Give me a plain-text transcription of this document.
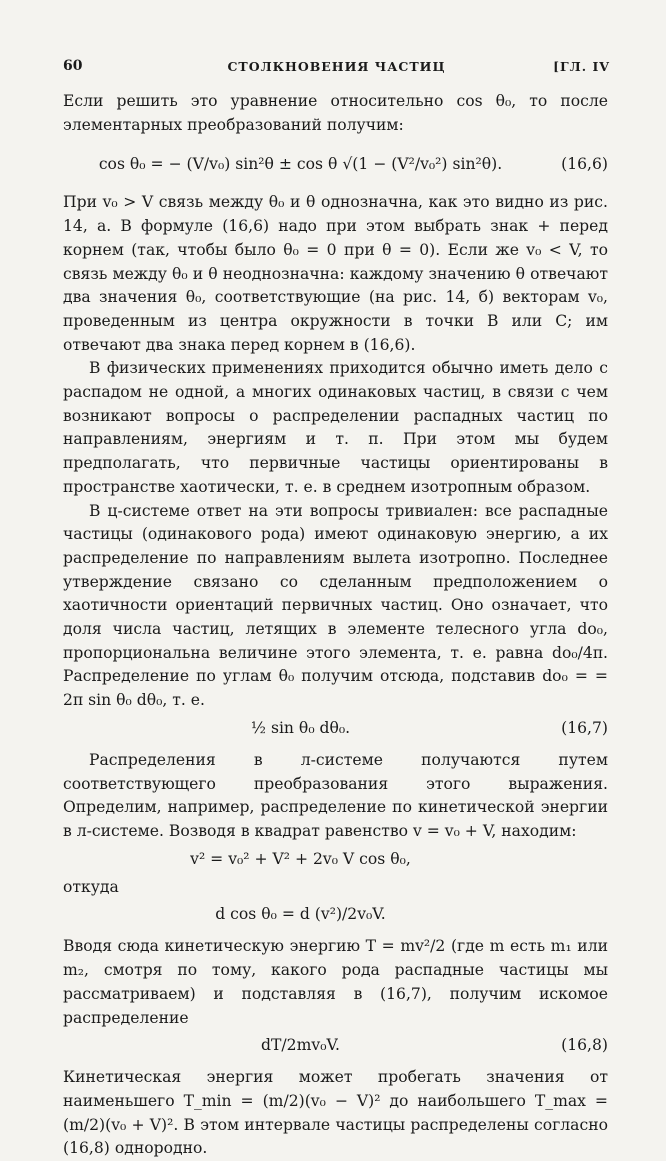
60	СТОЛКНОВЕНИЯ ЧАСТИЦ	[ГЛ. IV

Если решить это уравнение относительно cos θ₀, то после элементарных преобразований получим:

cos θ₀ = − (V/v₀) sin²θ ± cos θ √(1 − (V²/v₀²) sin²θ).	(16,6)

При v₀ > V связь между θ₀ и θ однозначна, как это видно из рис. 14, а. В формуле (16,6) надо при этом выбрать знак + перед корнем (так, чтобы было θ₀ = 0 при θ = 0). Если же v₀ < V, то связь между θ₀ и θ неоднозначна: каждому значению θ отвечают два значения θ₀, соответствующие (на рис. 14, б) векторам v₀, проведенным из центра окружности в точки B или C; им отвечают два знака перед корнем в (16,6).

В физических применениях приходится обычно иметь дело с распадом не одной, а многих одинаковых частиц, в связи с чем возникают вопросы о распределении распадных частиц по направлениям, энергиям и т. п. При этом мы будем предполагать, что первичные частицы ориентированы в пространстве хаотически, т. е. в среднем изотропным образом.

В ц-системе ответ на эти вопросы тривиален: все распадные частицы (одинакового рода) имеют одинаковую энергию, а их распределение по направлениям вылета изотропно. Последнее утверждение связано со сделанным предположением о хаотичности ориентаций первичных частиц. Оно означает, что доля числа частиц, летящих в элементе телесного угла do₀, пропорциональна величине этого элемента, т. е. равна do₀/4π. Распределение по углам θ₀ получим отсюда, подставив do₀ = = 2π sin θ₀ dθ₀, т. е.

½ sin θ₀ dθ₀.	(16,7)

Распределения в л-системе получаются путем соответствующего преобразования этого выражения. Определим, например, распределение по кинетической энергии в л-системе. Возводя в квадрат равенство v = v₀ + V, находим:

v² = v₀² + V² + 2v₀ V cos θ₀,

откуда

d cos θ₀ = d (v²)/2v₀V.

Вводя сюда кинетическую энергию T = mv²/2 (где m есть m₁ или m₂, смотря по тому, какого рода распадные частицы мы рассматриваем) и подставляя в (16,7), получим искомое распределение

dT/2mv₀V.	(16,8)

Кинетическая энергия может пробегать значения от наименьшего T_min = (m/2)(v₀ − V)² до наибольшего T_max = (m/2)(v₀ + V)². В этом интервале частицы распределены согласно (16,8) однородно.
